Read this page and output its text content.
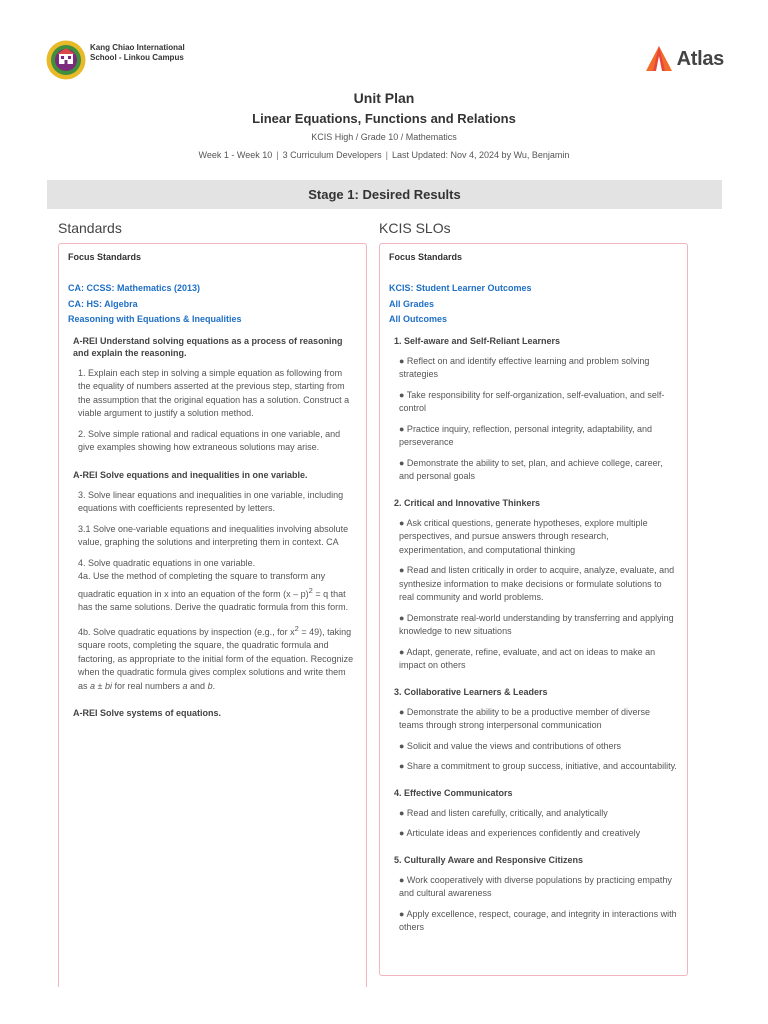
Kang Chiao International School - Linkou Campus	Atlas
Unit Plan
Linear Equations, Functions and Relations
KCIS High / Grade 10 / Mathematics
Week 1 - Week 10 | 3 Curriculum Developers | Last Updated: Nov 4, 2024 by Wu, Benjamin
Stage 1: Desired Results
Standards	KCIS SLOs
Focus Standards
CA: CCSS: Mathematics (2013)
CA: HS: Algebra
Reasoning with Equations & Inequalities
A-REI Understand solving equations as a process of reasoning and explain the reasoning.
1. Explain each step in solving a simple equation as following from the equality of numbers asserted at the previous step, starting from the assumption that the original equation has a solution. Construct a viable argument to justify a solution method.
2. Solve simple rational and radical equations in one variable, and give examples showing how extraneous solutions may arise.
A-REI Solve equations and inequalities in one variable.
3. Solve linear equations and inequalities in one variable, including equations with coefficients represented by letters.
3.1 Solve one-variable equations and inequalities involving absolute value, graphing the solutions and interpreting them in context. CA
4. Solve quadratic equations in one variable.
4a. Use the method of completing the square to transform any quadratic equation in x into an equation of the form (x – p)$^2$ = q that has the same solutions. Derive the quadratic formula from this form.
4b. Solve quadratic equations by inspection (e.g., for $x^2 = 49$), taking square roots, completing the square, the quadratic formula and factoring, as appropriate to the initial form of the equation. Recognize when the quadratic formula gives complex solutions and write them as a ± bi for real numbers a and b.
A-REI Solve systems of equations.
Focus Standards
KCIS: Student Learner Outcomes
All Grades
All Outcomes
1. Self-aware and Self-Reliant Learners
● Reflect on and identify effective learning and problem solving strategies
● Take responsibility for self-organization, self-evaluation, and self-control
● Practice inquiry, reflection, personal integrity, adaptability, and perseverance
● Demonstrate the ability to set, plan, and achieve college, career, and personal goals
2. Critical and Innovative Thinkers
● Ask critical questions, generate hypotheses, explore multiple perspectives, and pursue answers through research, experimentation, and computational thinking
● Read and listen critically in order to acquire, analyze, evaluate, and synthesize information to make decisions or formulate solutions to real community and world problems.
● Demonstrate real-world understanding by transferring and applying knowledge to new situations
● Adapt, generate, refine, evaluate, and act on ideas to make an impact on others
3. Collaborative Learners & Leaders
● Demonstrate the ability to be a productive member of diverse teams through strong interpersonal communication
● Solicit and value the views and contributions of others
● Share a commitment to group success, initiative, and accountability.
4. Effective Communicators
● Read and listen carefully, critically, and analytically
● Articulate ideas and experiences confidently and creatively
5. Culturally Aware and Responsive Citizens
● Work cooperatively with diverse populations by practicing empathy and cultural awareness
● Apply excellence, respect, courage, and integrity in interactions with others
